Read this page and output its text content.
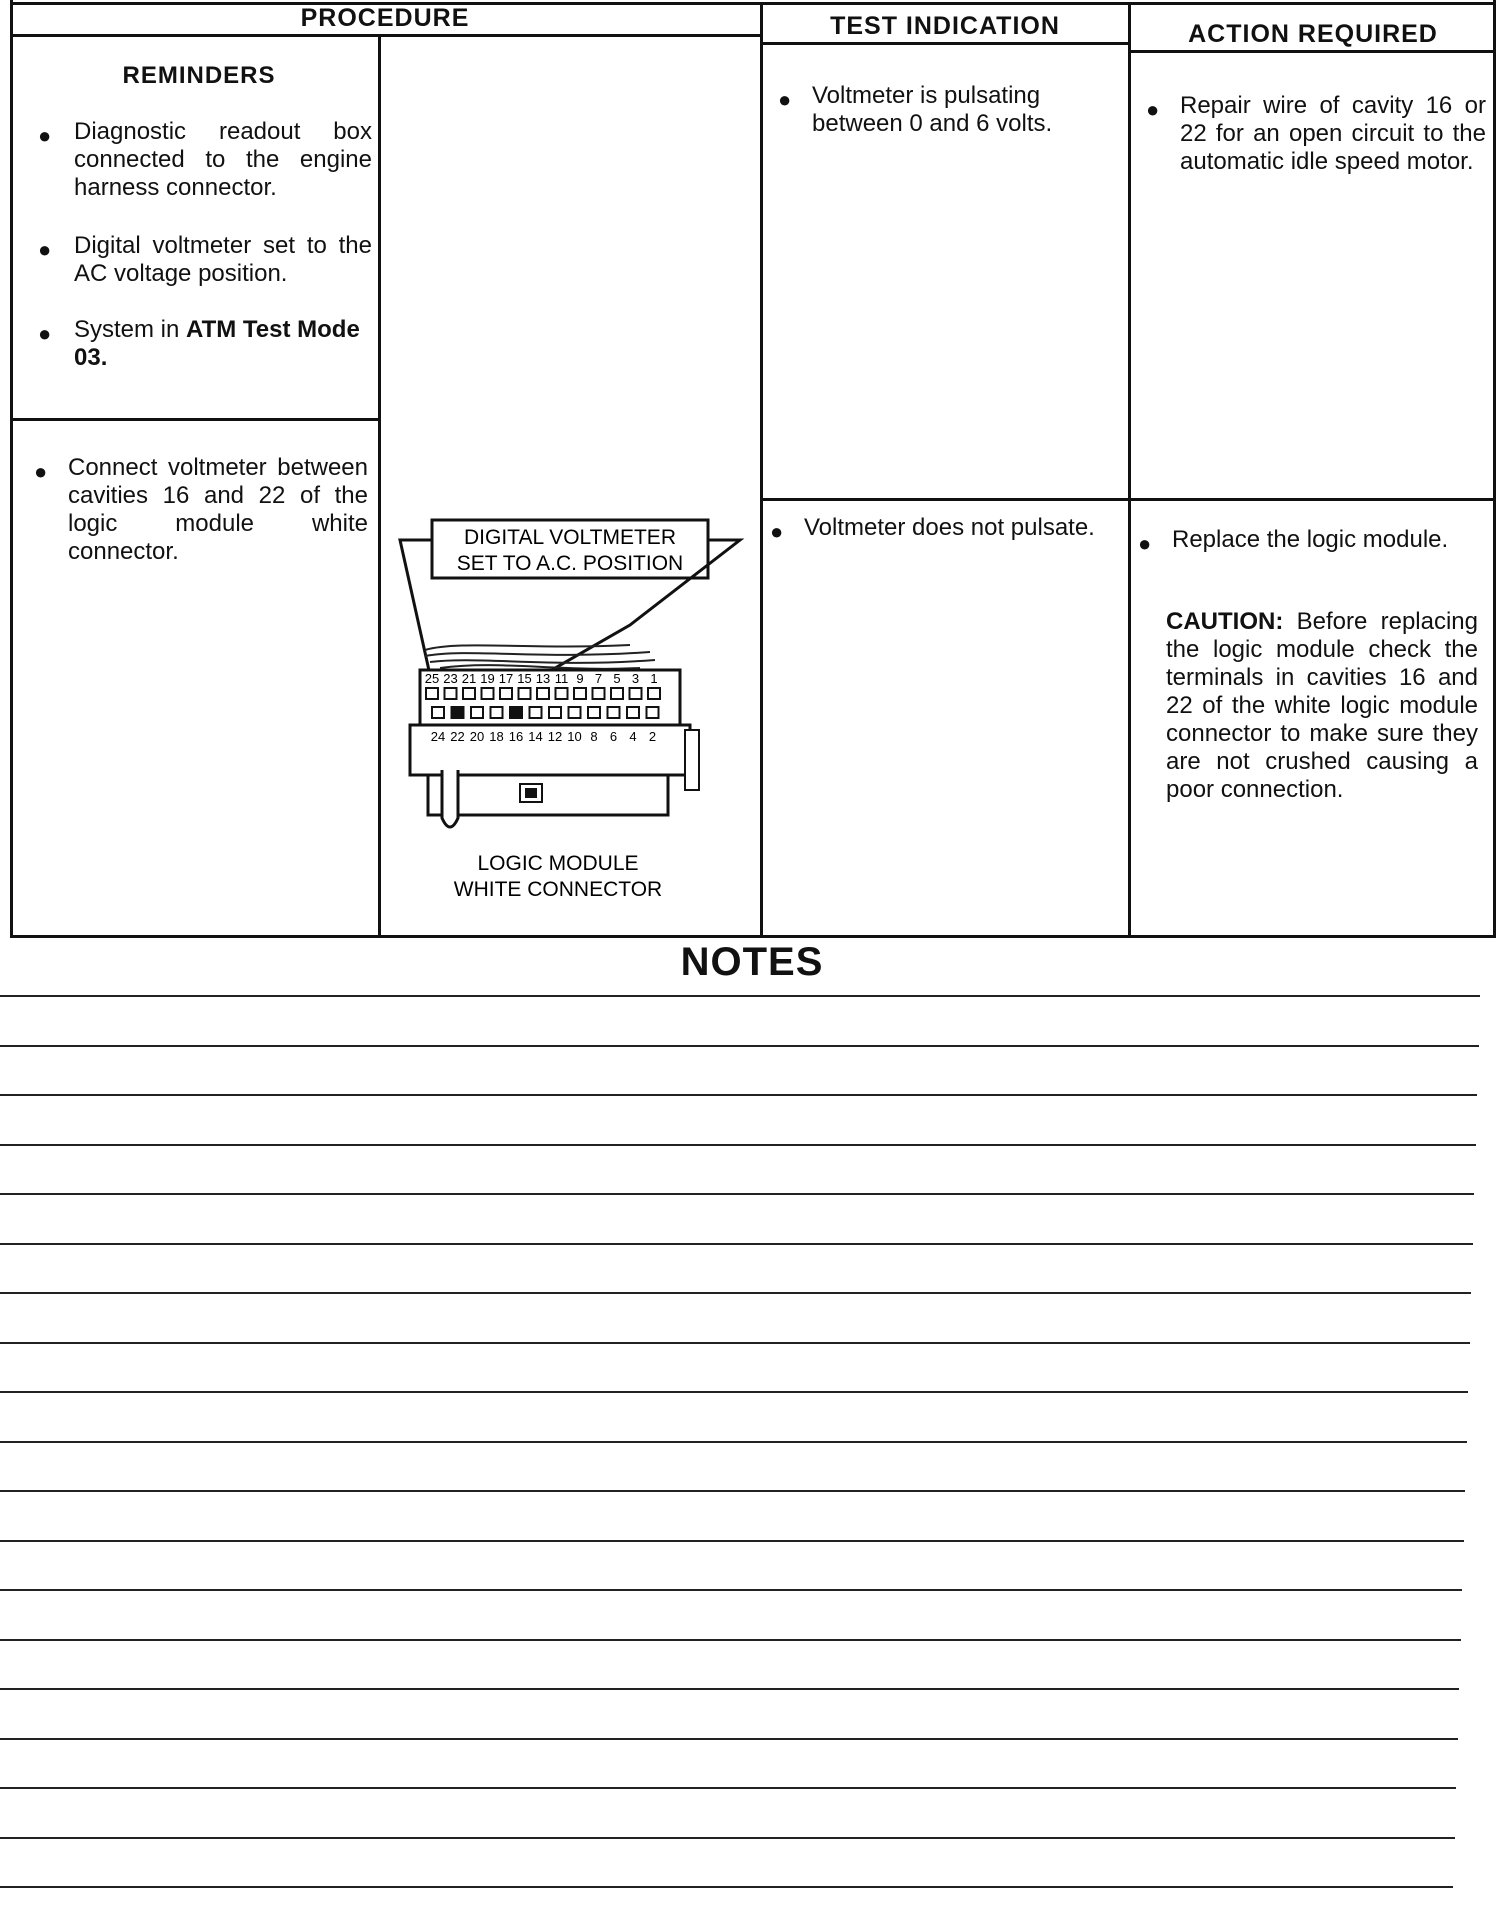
PROCEDURE	TEST INDICATION	ACTION REQUIRED
REMINDERS
● Diagnostic readout box connected to the engine harness connector.
● Digital voltmeter set to the AC voltage position.
● System in ATM Test Mode 03.
● Connect voltmeter between cavities 16 and 22 of the logic module white connector.
DIGITAL VOLTMETER
SET TO A.C. POSITION
25 23 21 19 17 15 13 11 9 7 5 3 1
24 22 20 18 16 14 12 10 8 6 4 2
LOGIC MODULE
WHITE CONNECTOR
● Voltmeter is pulsating between 0 and 6 volts.
● Voltmeter does not pulsate.
● Repair wire of cavity 16 or 22 for an open circuit to the automatic idle speed motor.
● Replace the logic module.
CAUTION: Before replacing the logic module check the terminals in cavities 16 and 22 of the white logic module connector to make sure they are not crushed causing a poor connection.
NOTES
